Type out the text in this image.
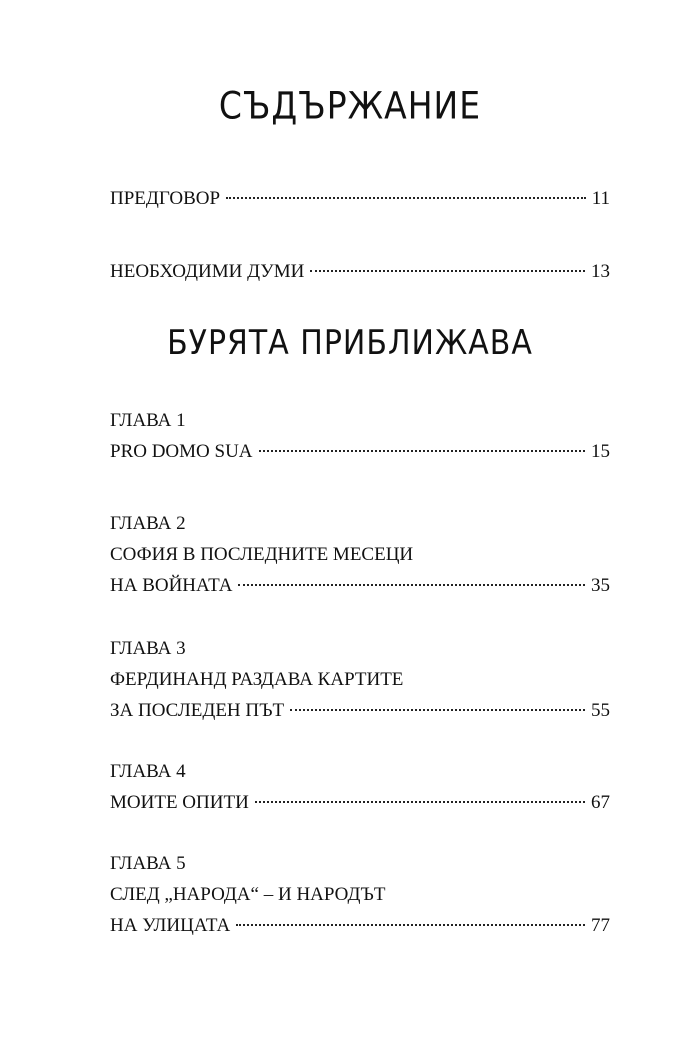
СЪДЪРЖАНИЕ
ПРЕДГОВОР	11
НЕОБХОДИМИ ДУМИ	13
БУРЯТА ПРИБЛИЖАВА
ГЛАВА 1
PRO DOMO SUA	15
ГЛАВА 2
СОФИЯ В ПОСЛЕДНИТЕ МЕСЕЦИ
НА ВОЙНАТА	35
ГЛАВА 3
ФЕРДИНАНД РАЗДАВА КАРТИТЕ
ЗА ПОСЛЕДЕН ПЪТ	55
ГЛАВА 4
МОИТЕ ОПИТИ	67
ГЛАВА 5
СЛЕД „НАРОДА“ – И НАРОДЪТ
НА УЛИЦАТА	77
